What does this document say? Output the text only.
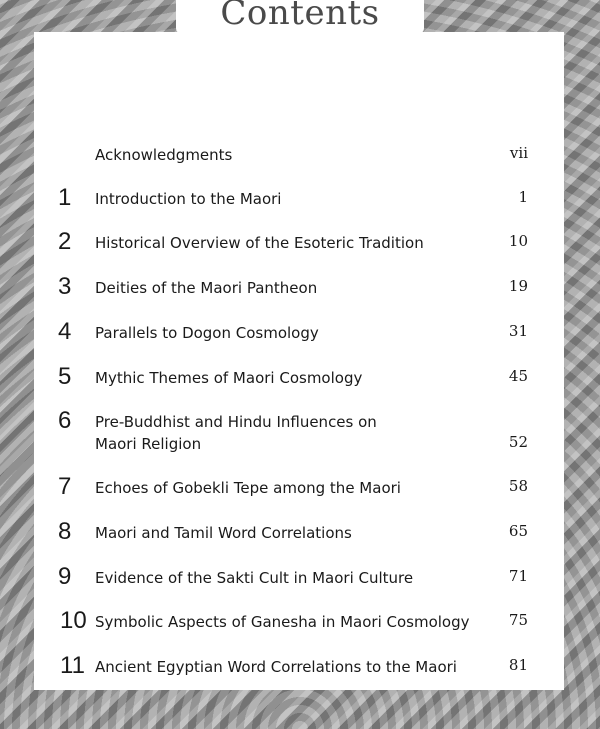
Contents
Acknowledgments	vii
1	Introduction to the Maori	1
2	Historical Overview of the Esoteric Tradition	10
3	Deities of the Maori Pantheon	19
4	Parallels to Dogon Cosmology	31
5	Mythic Themes of Maori Cosmology	45
6	Pre-Buddhist and Hindu Influences on
Maori Religion	52
7	Echoes of Gobekli Tepe among the Maori	58
8	Maori and Tamil Word Correlations	65
9	Evidence of the Sakti Cult in Maori Culture	71
10 Symbolic Aspects of Ganesha in Maori Cosmology	75
11 Ancient Egyptian Word Correlations to the Maori	81
